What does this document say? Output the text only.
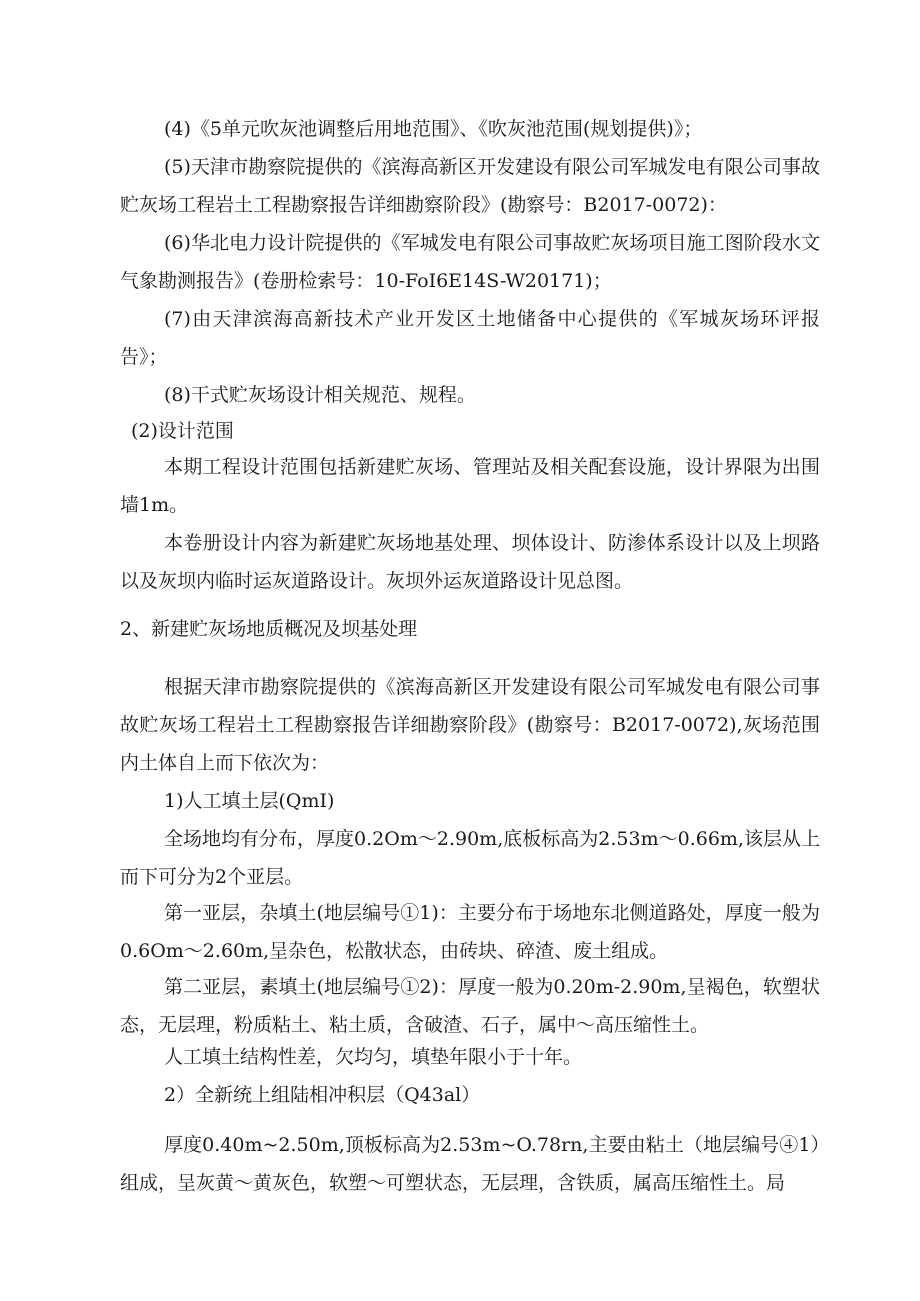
(4)《5单元吹灰池调整后用地范围》、《吹灰池范围(规划提供)》；

(5)天津市勘察院提供的《滨海高新区开发建设有限公司军城发电有限公司事故贮灰场工程岩土工程勘察报告详细勘察阶段》(勘察号：B2017-0072)：

(6)华北电力设计院提供的《军城发电有限公司事故贮灰场项目施工图阶段水文气象勘测报告》(卷册检索号：10-FoI6E14S-W20171)；

(7)由天津滨海高新技术产业开发区土地储备中心提供的《军城灰场环评报告》；

(8)干式贮灰场设计相关规范、规程。

(2)设计范围

本期工程设计范围包括新建贮灰场、管理站及相关配套设施，设计界限为出围墙1m。

本卷册设计内容为新建贮灰场地基处理、坝体设计、防渗体系设计以及上坝路以及灰坝内临时运灰道路设计。灰坝外运灰道路设计见总图。

2、新建贮灰场地质概况及坝基处理

根据天津市勘察院提供的《滨海高新区开发建设有限公司军城发电有限公司事故贮灰场工程岩土工程勘察报告详细勘察阶段》(勘察号：B2017-0072),灰场范围内土体自上而下依次为：

1)人工填土层(QmI)

全场地均有分布，厚度0.2Om～2.90m,底板标高为2.53m～0.66m,该层从上而下可分为2个亚层。

第一亚层，杂填土(地层编号①1)：主要分布于场地东北侧道路处，厚度一般为0.6Om～2.60m,呈杂色，松散状态，由砖块、碎渣、废土组成。

第二亚层，素填土(地层编号①2)：厚度一般为0.20m-2.90m,呈褐色，软塑状态，无层理，粉质粘土、粘土质，含破渣、石子，属中～高压缩性土。

人工填土结构性差，欠均匀，填垫年限小于十年。

2）全新统上组陆相冲积层（Q43al）

厚度0.40m~2.50m,顶板标高为2.53m~O.78rn,主要由粘土（地层编号④1）组成，呈灰黄～黄灰色，软塑～可塑状态，无层理，含铁质，属高压缩性土。局
